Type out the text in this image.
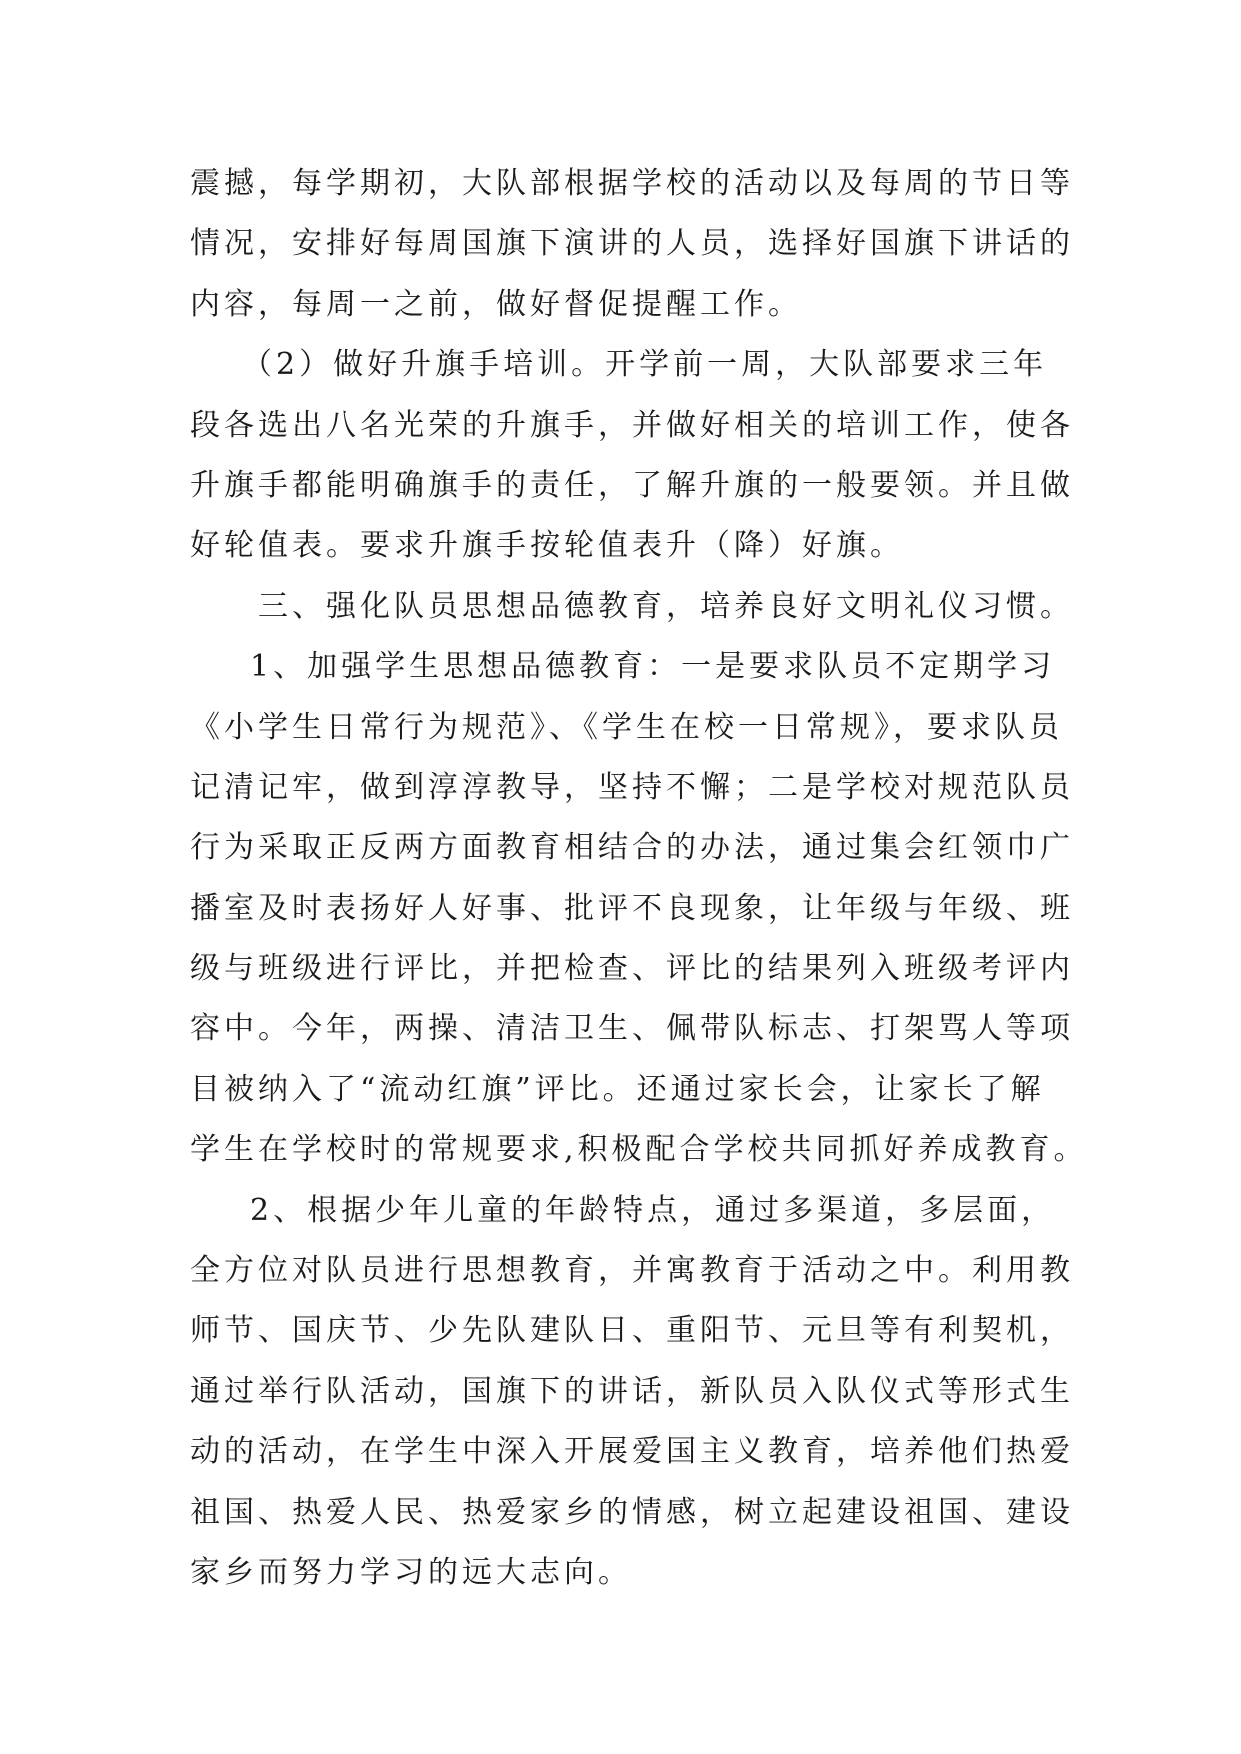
震撼，每学期初，大队部根据学校的活动以及每周的节日等
情况，安排好每周国旗下演讲的人员，选择好国旗下讲话的
内容，每周一之前，做好督促提醒工作。
（2）做好升旗手培训。开学前一周，大队部要求三年
段各选出八名光荣的升旗手，并做好相关的培训工作，使各
升旗手都能明确旗手的责任，了解升旗的一般要领。并且做
好轮值表。要求升旗手按轮值表升（降）好旗。
三、强化队员思想品德教育，培养良好文明礼仪习惯。
1、加强学生思想品德教育：一是要求队员不定期学习
《小学生日常行为规范》、《学生在校一日常规》，要求队员
记清记牢，做到淳淳教导，坚持不懈；二是学校对规范队员
行为采取正反两方面教育相结合的办法，通过集会红领巾广
播室及时表扬好人好事、批评不良现象，让年级与年级、班
级与班级进行评比，并把检查、评比的结果列入班级考评内
容中。今年，两操、清洁卫生、佩带队标志、打架骂人等项
目被纳入了“流动红旗”评比。还通过家长会，让家长了解
学生在学校时的常规要求,积极配合学校共同抓好养成教育。
2、根据少年儿童的年龄特点，通过多渠道，多层面，
全方位对队员进行思想教育，并寓教育于活动之中。利用教
师节、国庆节、少先队建队日、重阳节、元旦等有利契机，
通过举行队活动，国旗下的讲话，新队员入队仪式等形式生
动的活动，在学生中深入开展爱国主义教育，培养他们热爱
祖国、热爱人民、热爱家乡的情感，树立起建设祖国、建设
家乡而努力学习的远大志向。
